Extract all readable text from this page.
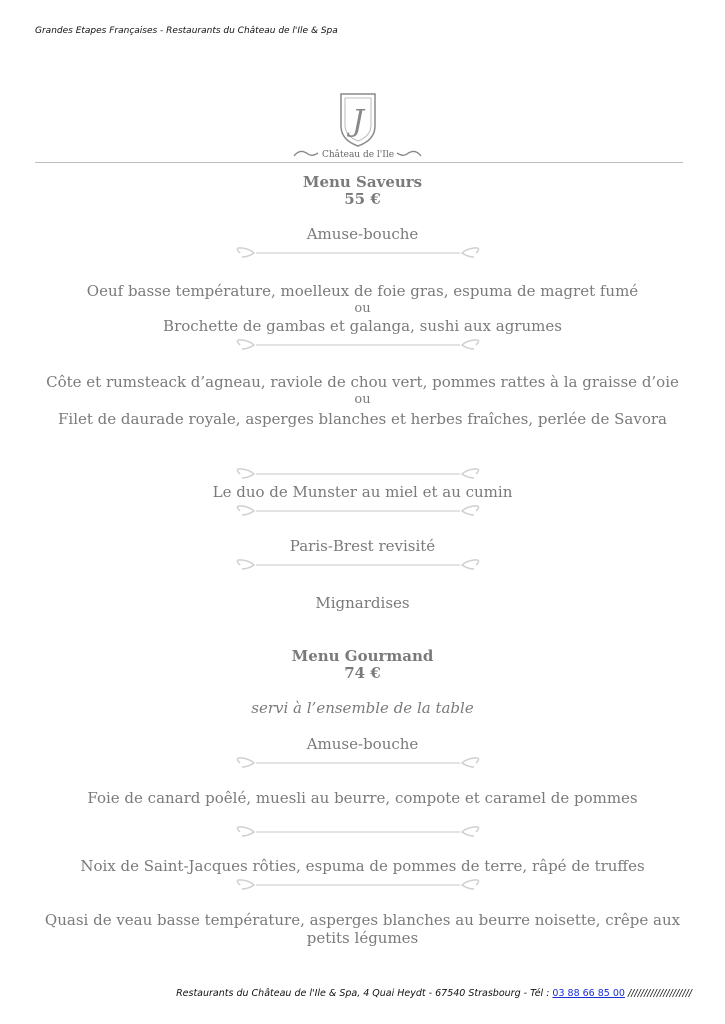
Grandes Etapes Françaises - Restaurants du Château de l'Ile & Spa
J
Château de l'Ile
Menu Saveurs
55 €
Amuse-bouche
Oeuf basse température, moelleux de foie gras, espuma de magret fumé
ou
Brochette de gambas et galanga, sushi aux agrumes
Côte et rumsteack d’agneau, raviole de chou vert, pommes rattes à la graisse d’oie
ou
Filet de daurade royale, asperges blanches et herbes fraîches, perlée de Savora
Le duo de Munster au miel et au cumin
Paris-Brest revisité
Mignardises
Menu Gourmand
74 €
servi à l’ensemble de la table
Amuse-bouche
Foie de canard poêlé, muesli au beurre, compote et caramel de pommes
Noix de Saint-Jacques rôties, espuma de pommes de terre, râpé de truffes
Quasi de veau basse température, asperges blanches au beurre noisette, crêpe aux
petits légumes
Restaurants du Château de l'Ile & Spa, 4 Quai Heydt - 67540 Strasbourg - Tél : 03 88 66 85 00 ////////////////////
